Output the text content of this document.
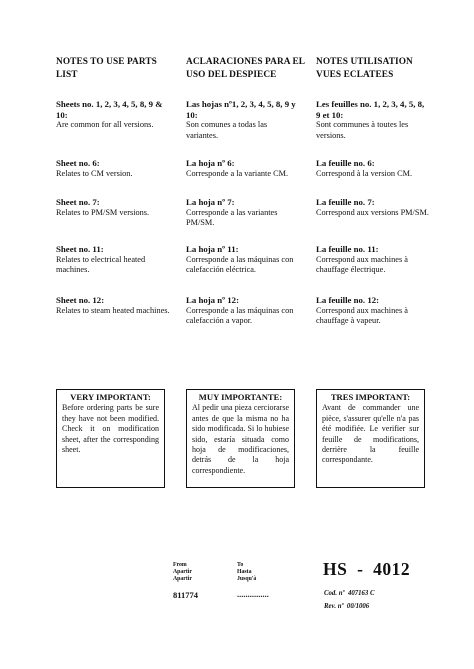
NOTES TO USE PARTS LIST
Sheets no. 1, 2, 3, 4, 5, 8, 9 & 10:
Are common for all versions.
Sheet no. 6:
Relates to CM version.
Sheet no. 7:
Relates to PM/SM versions.
Sheet no. 11:
Relates to electrical heated machines.
Sheet no. 12:
Relates to steam heated machines.
ACLARACIONES PARA EL USO DEL DESPIECE
Las hojas nº1, 2, 3, 4, 5, 8, 9 y 10:
Son comunes a todas las variantes.
La hoja nº 6:
Corresponde a la variante CM.
La hoja nº 7:
Corresponde a las variantes PM/SM.
La hoja nº 11:
Corresponde a las máquinas con calefacción eléctrica.
La hoja nº 12:
Corresponde a las máquinas con calefacción a vapor.
NOTES UTILISATION VUES ECLATEES
Les feuilles no. 1, 2, 3, 4, 5, 8, 9 et 10:
Sont communes à toutes les versions.
La feuille no. 6:
Correspond à la version CM.
La feuille no. 7:
Correspond aux versions PM/SM.
La feuille no. 11:
Correspond aux machines à chauffage électrique.
La feuille no. 12:
Correspond aux machines à chauffage à vapeur.
VERY IMPORTANT:
Before ordering parts be sure they have not been modified. Check it on modification sheet, after the corresponding sheet.
MUY IMPORTANTE:
Al pedir una pieza cerciorarse antes de que la misma no ha sido modificada. Si lo hubiese sido, estaría situada como hoja de modificaciones, detrás de la hoja correspondiente.
TRES IMPORTANT:
Avant de commander une pièce, s'assurer qu'elle n'a pas été modifiée. Le verifier sur feuille de modifications, derrière la feuille correspondante.
From
Apartir
Apartir
To
Hasta
Jusqu'à
811774	...............
HS  -  4012
Cod. nº  407163 C
Rev. nº  00/1006
